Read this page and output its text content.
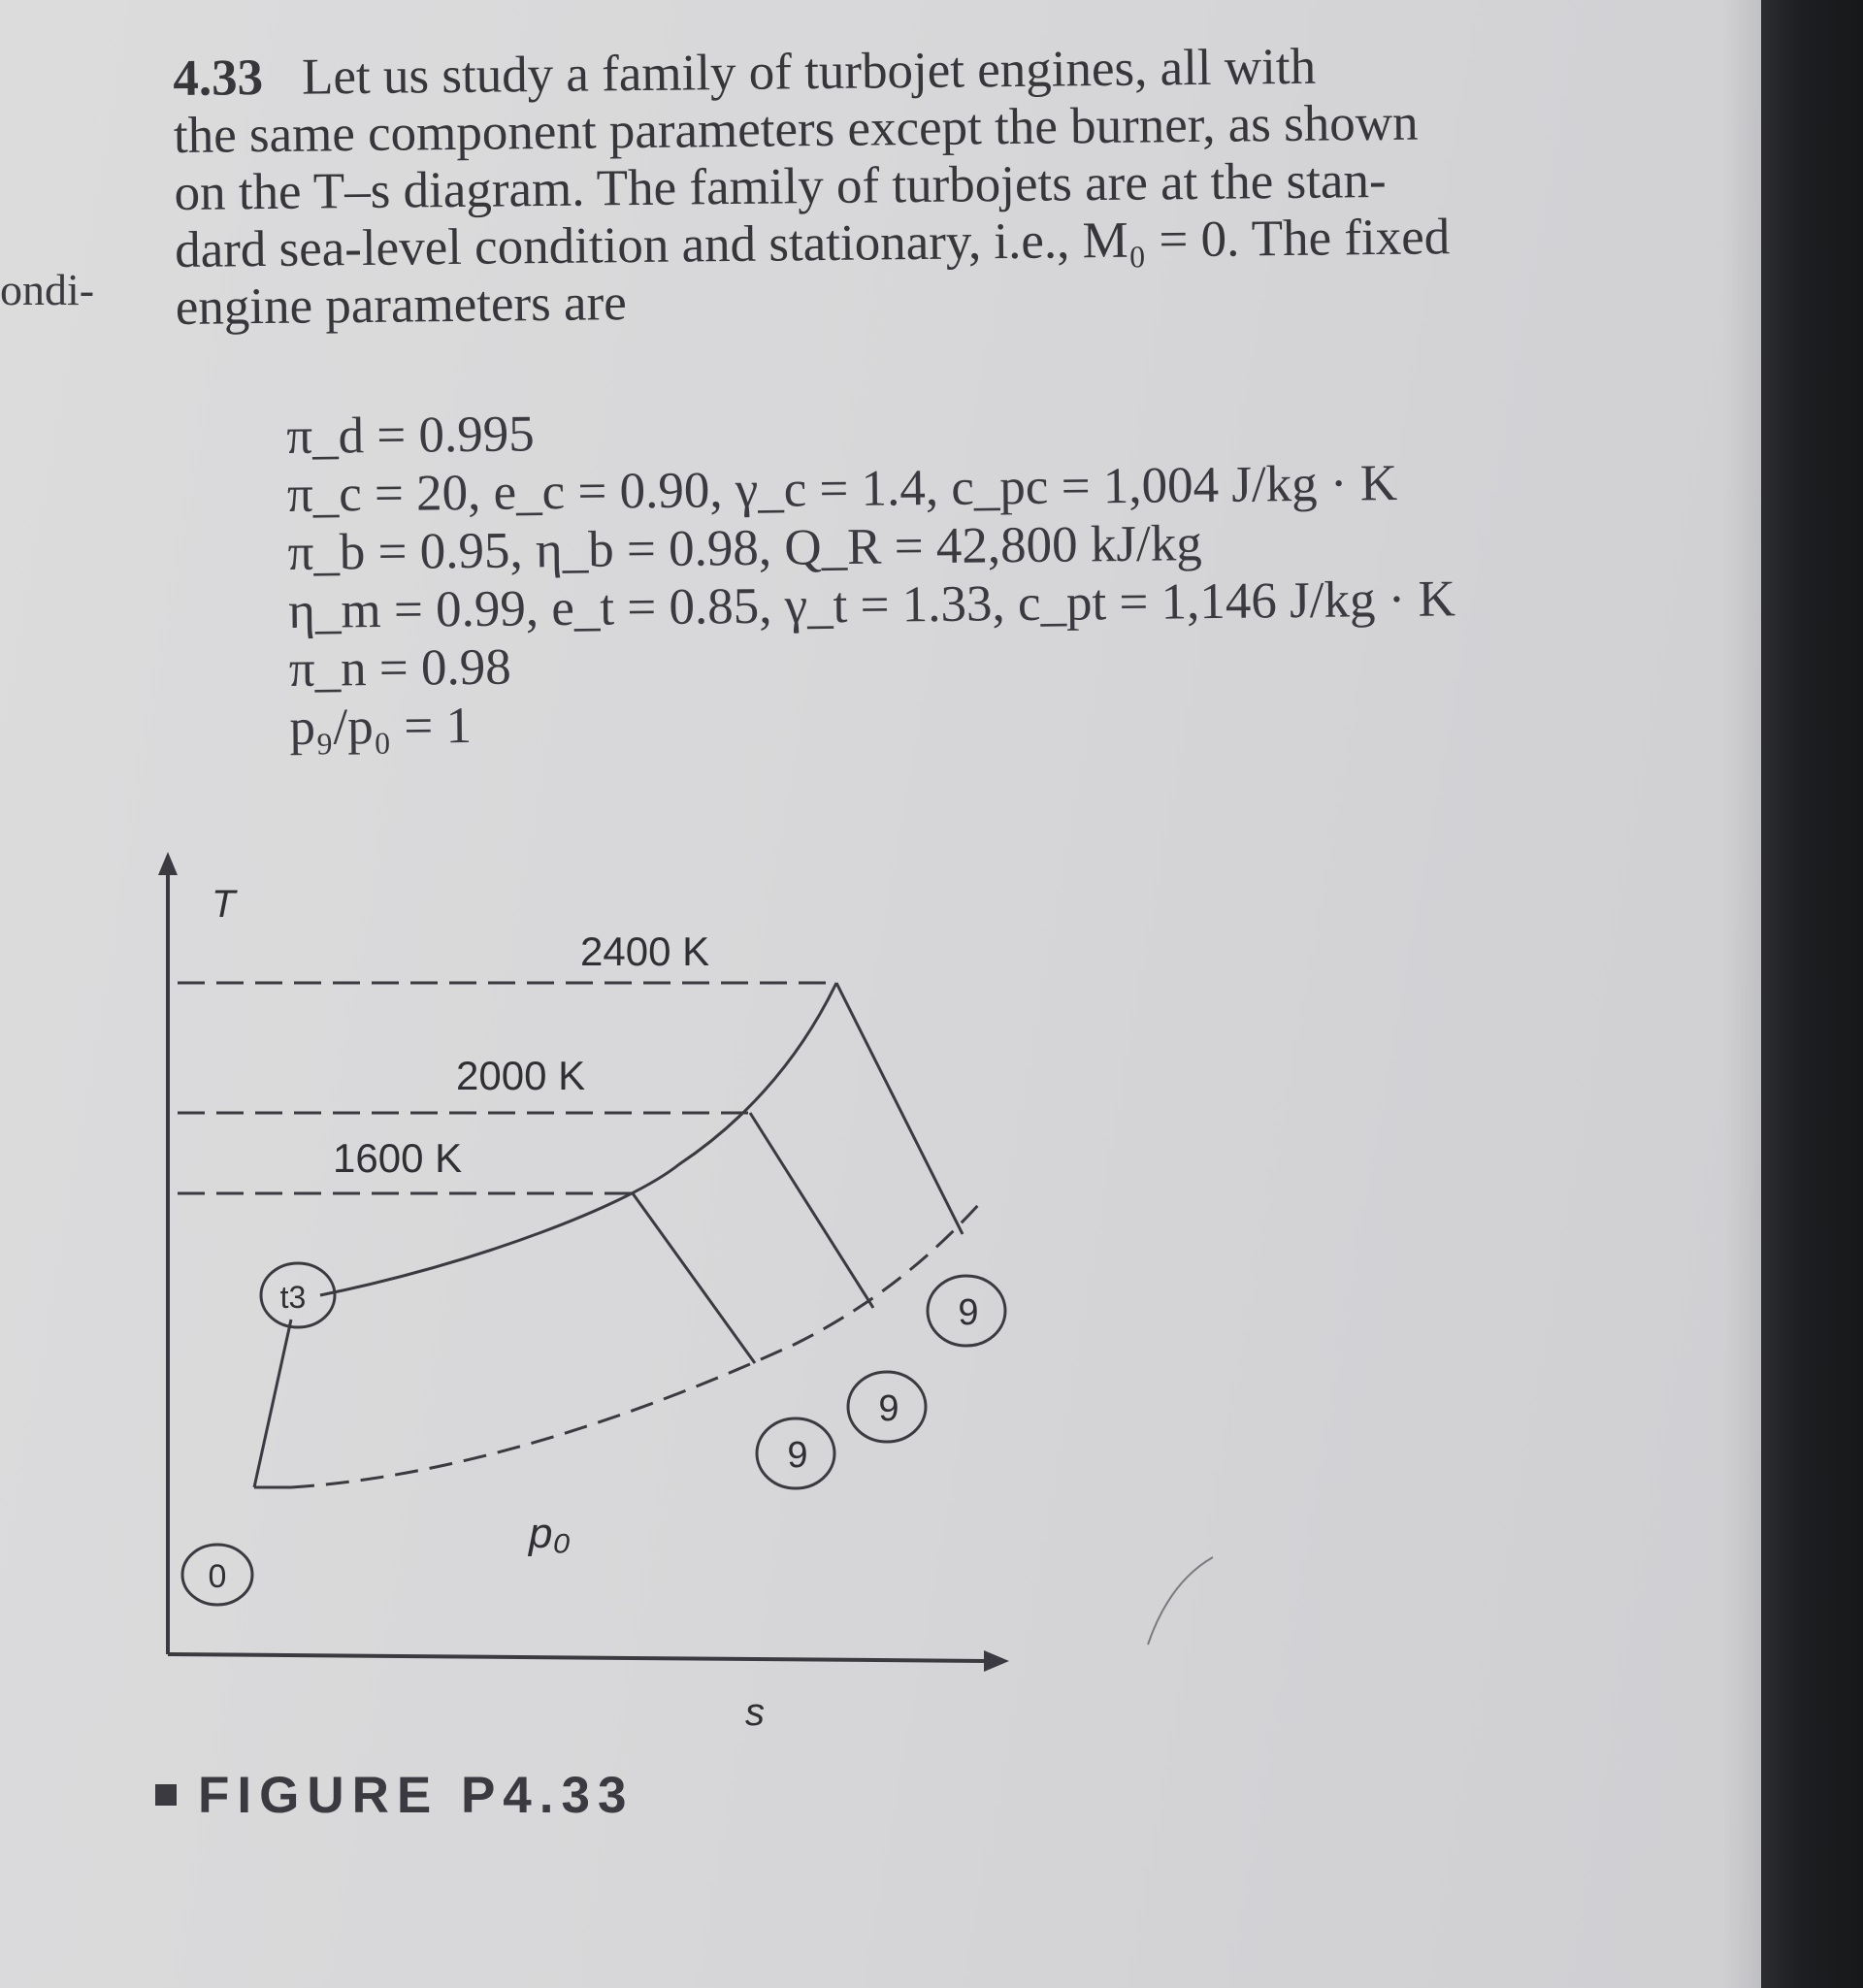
ondi-
4.33 Let us study a family of turbojet engines, all with
the same component parameters except the burner, as shown
on the T–s diagram. The family of turbojets are at the stan-
dard sea-level condition and stationary, i.e., M₀ = 0. The fixed
engine parameters are
π_d = 0.995
π_c = 20, e_c = 0.90, γ_c = 1.4, c_pc = 1,004 J/kg · K
π_b = 0.95, η_b = 0.98, Q_R = 42,800 kJ/kg
η_m = 0.99, e_t = 0.85, γ_t = 1.33, c_pt = 1,146 J/kg · K
π_n = 0.98
p₉/p₀ = 1
T
s
2400 K
2000 K
1600 K
p₀
0
t3
9
9
9
FIGURE P4.33
